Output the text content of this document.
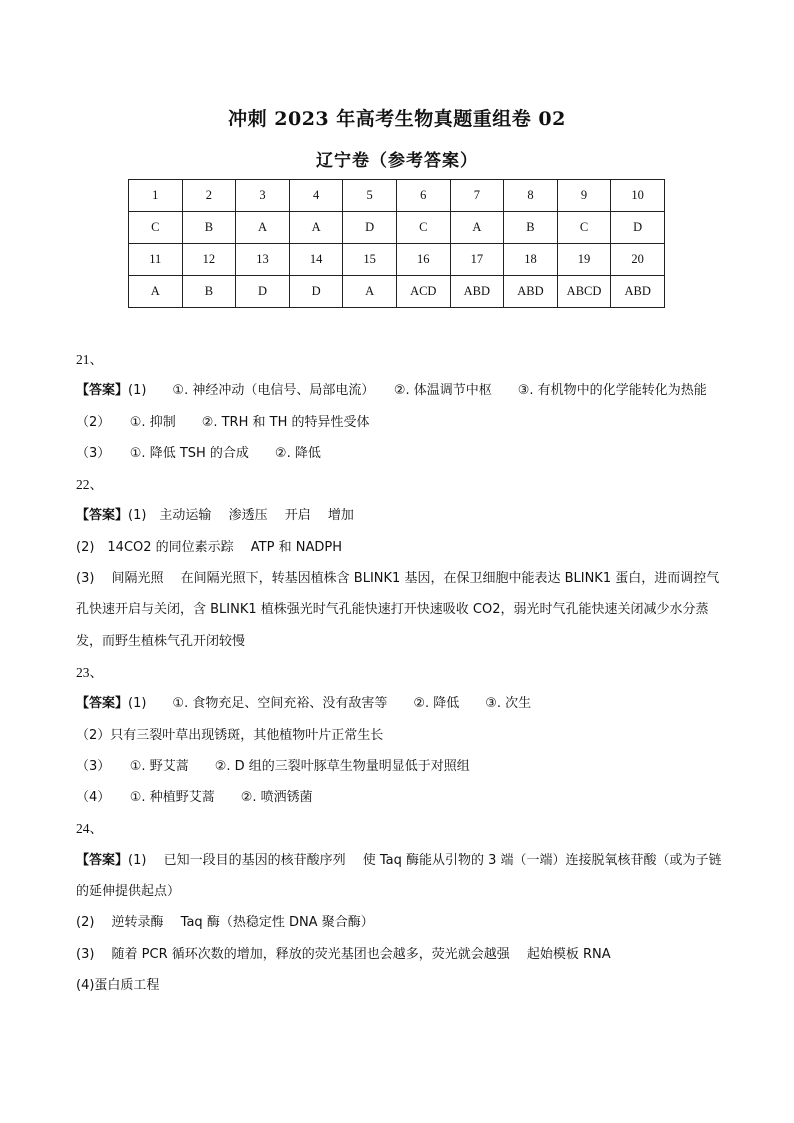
冲刺 2023 年高考生物真题重组卷 02
辽宁卷（参考答案）
1	2	3	4	5	6	7	8	9	10
C	B	A	A	D	C	A	B	C	D
11	12	13	14	15	16	17	18	19	20
A	B	D	D	A	ACD	ABD	ABD	ABCD	ABD
21、
【答案】(1)　　①. 神经冲动（电信号、局部电流）　　②. 体温调节中枢　　③. 有机物中的化学能转化为热能
（2）　　①. 抑制　　②. TRH 和 TH 的特异性受体
（3）　　①. 降低 TSH 的合成　　②. 降低
22、
【答案】(1)　主动运输　 渗透压　 开启　 增加
(2)　14CO2 的同位素示踪　 ATP 和 NADPH
(3)　 间隔光照　 在间隔光照下，转基因植株含 BLINK1 基因，在保卫细胞中能表达 BLINK1 蛋白，进而调控气孔快速开启与关闭，含 BLINK1 植株强光时气孔能快速打开快速吸收 CO2，弱光时气孔能快速关闭减少水分蒸发，而野生植株气孔开闭较慢
23、
【答案】(1)　　①. 食物充足、空间充裕、没有敌害等　　②. 降低　　③. 次生
（2）只有三裂叶草出现锈斑，其他植物叶片正常生长
（3）　　①. 野艾蒿　　②. D 组的三裂叶豚草生物量明显低于对照组
（4）　　①. 种植野艾蒿　　②. 喷洒锈菌
24、
【答案】(1)　 已知一段目的基因的核苷酸序列　 使 Taq 酶能从引物的 3 端（一端）连接脱氧核苷酸（或为子链的延伸提供起点）
(2)　 逆转录酶　 Taq 酶（热稳定性 DNA 聚合酶）
(3)　 随着 PCR 循环次数的增加，释放的荧光基团也会越多，荧光就会越强　 起始模板 RNA
(4)蛋白质工程
